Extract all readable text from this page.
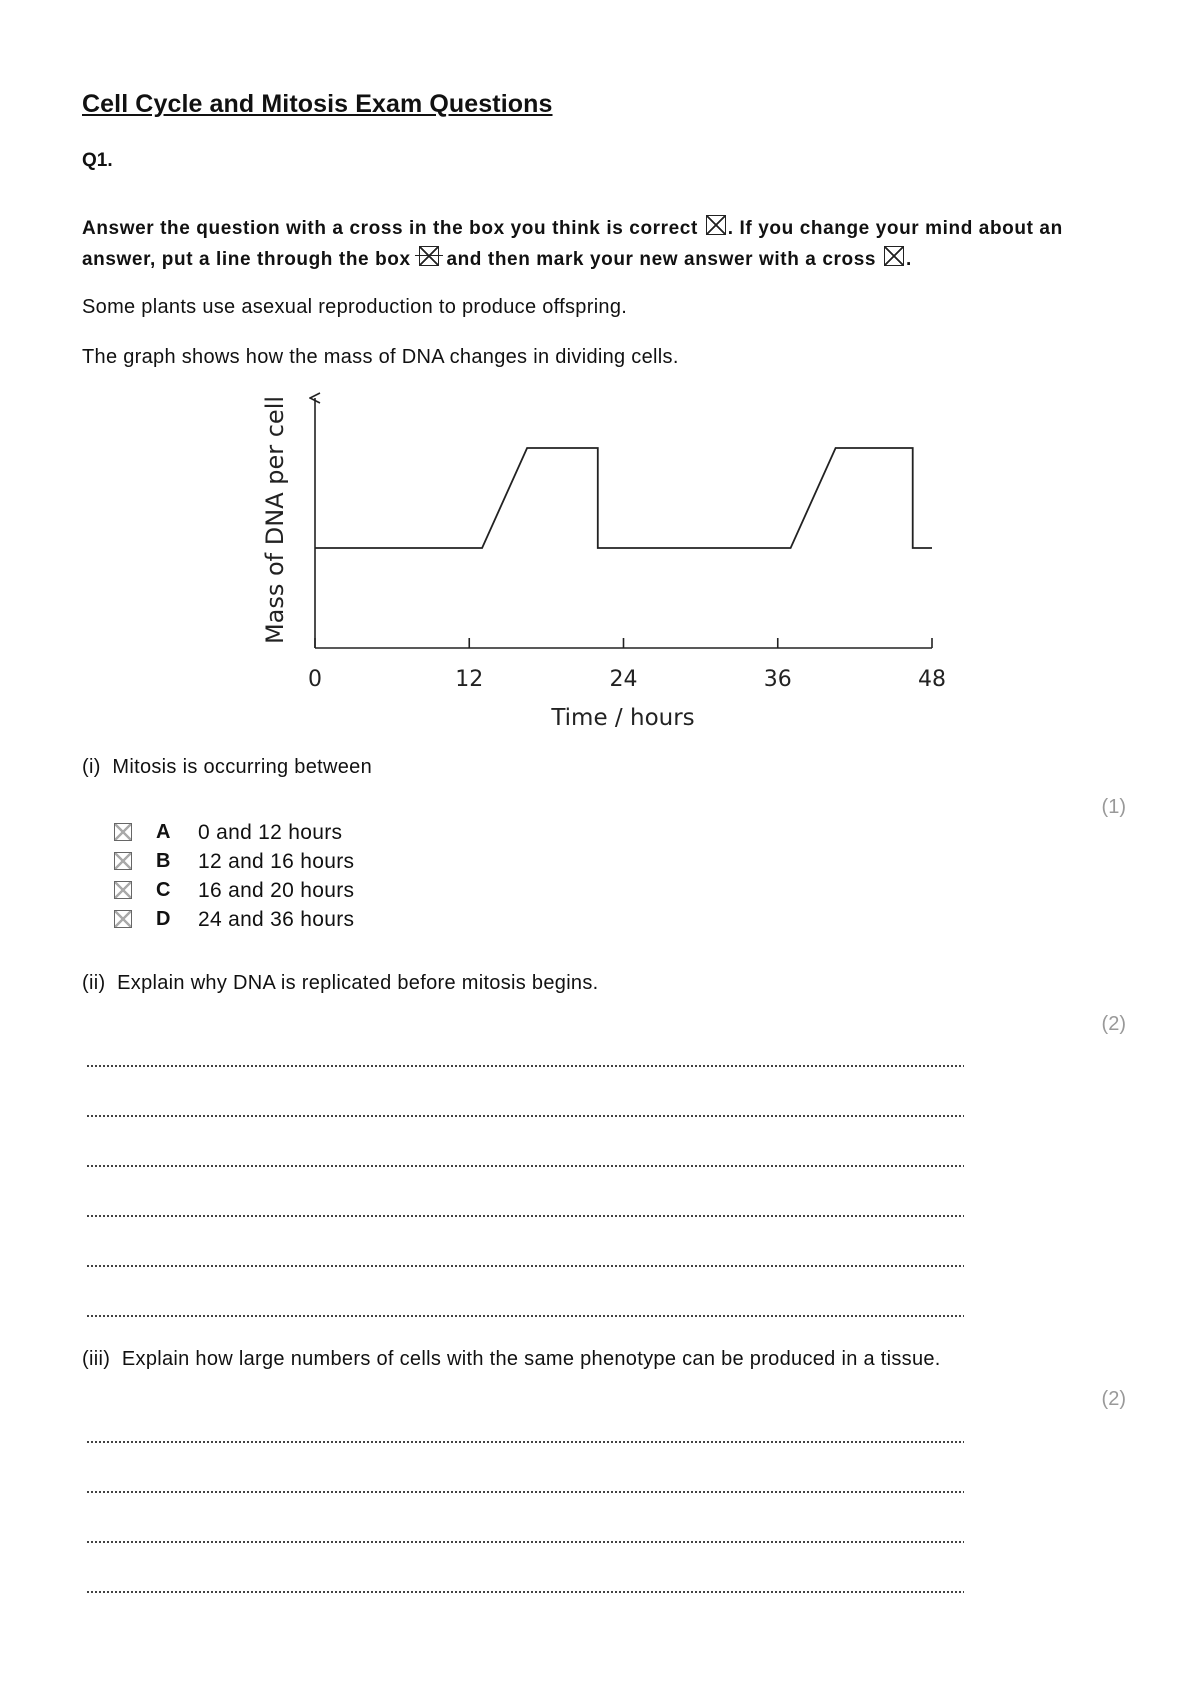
Cell Cycle and Mitosis Exam Questions
Q1.
Answer the question with a cross in the box you think is correct ☒ . If you change your mind about an answer, put a line through the box and then mark your new answer with a cross ☒ .
Some plants use asexual reproduction to produce offspring.
The graph shows how the mass of DNA changes in dividing cells.
0	12	24	36	48
Mass of DNA per cell
Time / hours
(i) Mitosis is occurring between
(1)
A 0 and 12 hours
B 12 and 16 hours
C 16 and 20 hours
D 24 and 36 hours
(ii) Explain why DNA is replicated before mitosis begins.
(2)
(iii) Explain how large numbers of cells with the same phenotype can be produced in a tissue.
(2)
